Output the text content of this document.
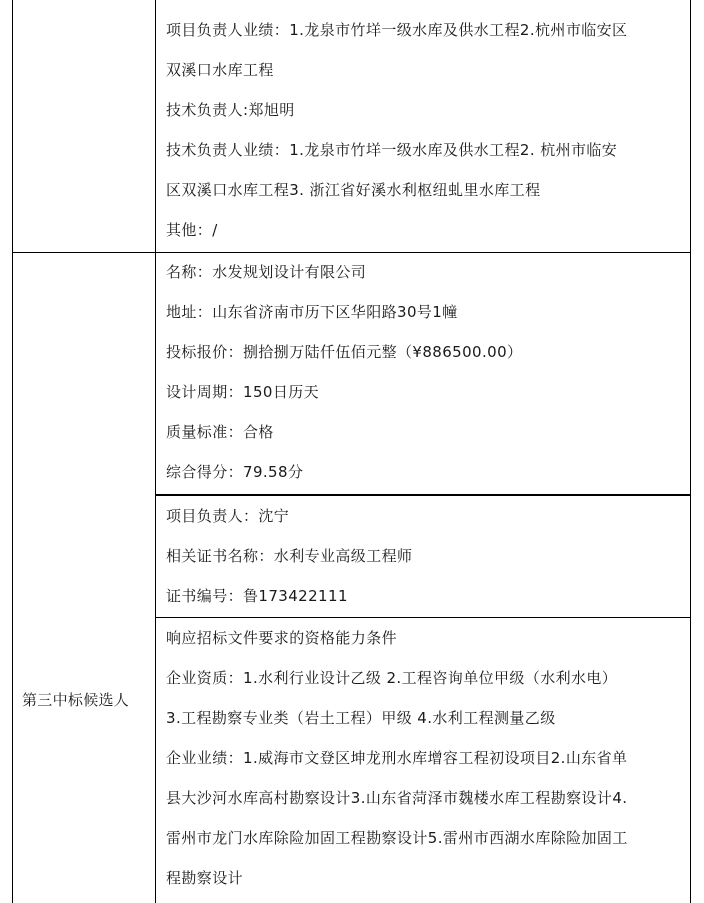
项目负责人业绩：1.龙泉市竹垟一级水库及供水工程2.杭州市临安区
双溪口水库工程
技术负责人:郑旭明
技术负责人业绩：1.龙泉市竹垟一级水库及供水工程2. 杭州市临安
区双溪口水库工程3. 浙江省好溪水利枢纽虬里水库工程
其他：/
第三中标候选人
名称：水发规划设计有限公司
地址：山东省济南市历下区华阳路30号1幢
投标报价：捌拾捌万陆仟伍佰元整（¥886500.00）
设计周期：150日历天
质量标准：合格
综合得分：79.58分
项目负责人：沈宁
相关证书名称：水利专业高级工程师
证书编号：鲁173422111
响应招标文件要求的资格能力条件
企业资质：1.水利行业设计乙级 2.工程咨询单位甲级（水利水电）
3.工程勘察专业类（岩土工程）甲级 4.水利工程测量乙级
企业业绩：1.威海市文登区坤龙刑水库增容工程初设项目2.山东省单
县大沙河水库高村勘察设计3.山东省菏泽市魏楼水库工程勘察设计4.
雷州市龙门水库除险加固工程勘察设计5.雷州市西湖水库除险加固工
程勘察设计
